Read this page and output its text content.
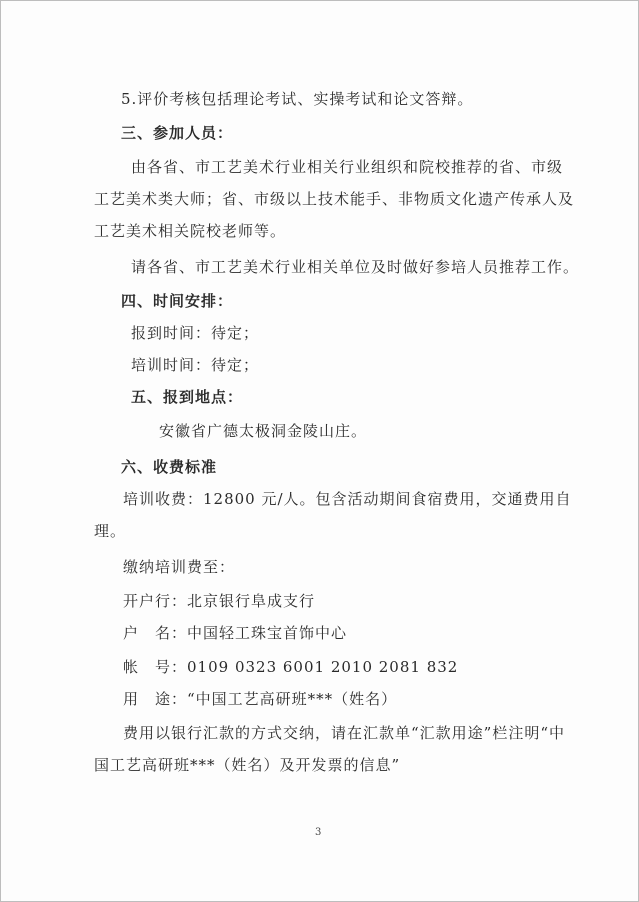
5.评价考核包括理论考试、实操考试和论文答辩。
三、参加人员：
由各省、市工艺美术行业相关行业组织和院校推荐的省、市级
工艺美术类大师；省、市级以上技术能手、非物质文化遗产传承人及
工艺美术相关院校老师等。
请各省、市工艺美术行业相关单位及时做好参培人员推荐工作。
四、时间安排：
报到时间：待定；
培训时间：待定；
五、报到地点：
安徽省广德太极洞金陵山庄。
六、收费标准
培训收费：12800 元/人。包含活动期间食宿费用，交通费用自
理。
缴纳培训费至：
开户行：北京银行阜成支行
户　名：中国轻工珠宝首饰中心
帐　号：0109 0323 6001 2010 2081 832
用　途：“中国工艺高研班***（姓名）
费用以银行汇款的方式交纳，请在汇款单“汇款用途”栏注明“中
国工艺高研班***（姓名）及开发票的信息”
3
